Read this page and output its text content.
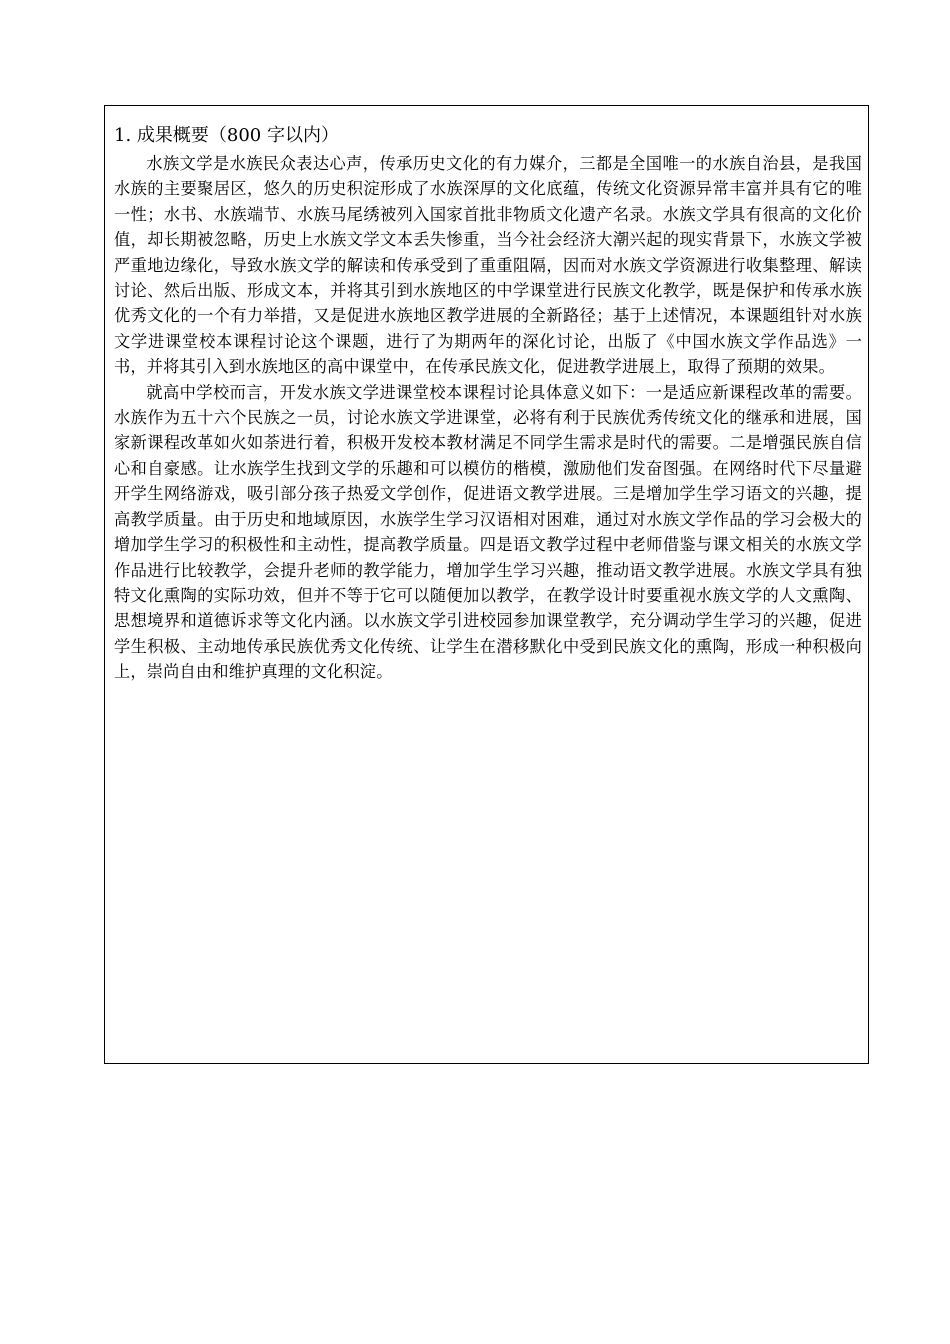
1. 成果概要（800 字以内）

水族文学是水族民众表达心声，传承历史文化的有力媒介，三都是全国唯一的水族自治县，是我国水族的主要聚居区，悠久的历史积淀形成了水族深厚的文化底蕴，传统文化资源异常丰富并具有它的唯一性；水书、水族端节、水族马尾绣被列入国家首批非物质文化遗产名录。水族文学具有很高的文化价值，却长期被忽略，历史上水族文学文本丢失惨重，当今社会经济大潮兴起的现实背景下，水族文学被严重地边缘化，导致水族文学的解读和传承受到了重重阻隔，因而对水族文学资源进行收集整理、解读讨论、然后出版、形成文本，并将其引到水族地区的中学课堂进行民族文化教学，既是保护和传承水族优秀文化的一个有力举措，又是促进水族地区教学进展的全新路径；基于上述情况，本课题组针对水族文学进课堂校本课程讨论这个课题，进行了为期两年的深化讨论，出版了《中国水族文学作品选》一书，并将其引入到水族地区的高中课堂中，在传承民族文化，促进教学进展上，取得了预期的效果。

就高中学校而言，开发水族文学进课堂校本课程讨论具体意义如下：一是适应新课程改革的需要。水族作为五十六个民族之一员，讨论水族文学进课堂，必将有利于民族优秀传统文化的继承和进展，国家新课程改革如火如荼进行着，积极开发校本教材满足不同学生需求是时代的需要。二是增强民族自信心和自豪感。让水族学生找到文学的乐趣和可以模仿的楷模，激励他们发奋图强。在网络时代下尽量避开学生网络游戏，吸引部分孩子热爱文学创作，促进语文教学进展。三是增加学生学习语文的兴趣，提高教学质量。由于历史和地域原因，水族学生学习汉语相对困难，通过对水族文学作品的学习会极大的增加学生学习的积极性和主动性，提高教学质量。四是语文教学过程中老师借鉴与课文相关的水族文学作品进行比较教学，会提升老师的教学能力，增加学生学习兴趣，推动语文教学进展。水族文学具有独特文化熏陶的实际功效，但并不等于它可以随便加以教学，在教学设计时要重视水族文学的人文熏陶、思想境界和道德诉求等文化内涵。以水族文学引进校园参加课堂教学，充分调动学生学习的兴趣，促进学生积极、主动地传承民族优秀文化传统、让学生在潜移默化中受到民族文化的熏陶，形成一种积极向上，崇尚自由和维护真理的文化积淀。
